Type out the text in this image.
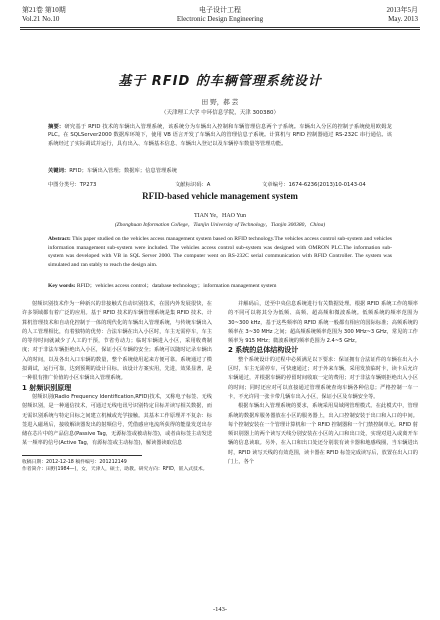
第21卷 第10期
Vol.21 No.10
电子设计工程
Electronic Design Engineering
2013年5月
May. 2013
基于 RFID 的车辆管理系统设计
田 野，郝 芸
（天津理工大学 中环信息学院，天津 300380）
摘要：研究基于 RFID 技术的车辆出入管理系统，该系统分为车辆出入控制和车辆管理信息两个子系统。车辆出入分区的控制子系统使用欧姆龙 PLC。在 SQLServer2000 数据库环境下，使用 VB 语言开发了车辆出入的管理信息子系统。计算机与 RFID 控制器通过 RS-232C 串行通信。该系统经过了实际调试并运行，具有出入、车辆基本信息、车辆出入登记以及车辆停车数量等管理功能。
关键词：RFID；车辆出入管理；数据库；信息管理系统
中图分类号：TP273	文献标识码：A	文章编号：1674-6236(2013)10-0143-04
RFID-based vehicle management system
TIAN Ye，HAO Yun
(Zhonghuan Information College，Tianjin University of Technology，Tianjin 300380，China)
Abstract: This paper studied on the vehicles access management system based on RFID technology.The vehicles access control sub-system and vehicles information management sub-system were included. The vehicles access control sub-system was designed with OMRON PLC.The information sub-system was developed with VB in SQL Server 2000. The computer went on RS-232C serial communication with RFID Controller. The system was simulated and ran stably to reach the design aim.
Key words: RFID；vehicles access control；database technology；information management system

射频识别技术作为一种新兴的非接触式自动识别技术，在国内外发展很快，在许多领域都有着广泛的应用。基于 RFID 技术的车辆管理系统是集 RFID 技术、计算机管理技术和自动化控制于一体的现代化的车辆出入管理系统，与传统车辆出入的人工管理相比，有着独特的优势：合法车辆在出入小区时，车主无需停车，车主的等待时间就减少了人工的干预，节省劳动力；临时车辆进入小区，采用收费制度；对于非法车辆拒绝出入小区，保证小区车辆的安全；系统可以随时记录车辆出入的时间，以及各出入口车辆的数量，整个系统使用起来方便可靠。系统通过了模拟调试，运行可靠，达到预期的设计目标。该设计方案实用，先进，效果显著，是一种很有推广价值的小区车辆出入管理系统。

1 射频识别原理

射频识别(Radio Frequency Identification,RFID)技术，又称电子标签、无线射频识别，是一种通信技术，可通过无线电讯号识别特定目标并读写相关数据，而无需识别系统与特定目标之间建立机械或光学接触。其基本工作原理并不复杂：标签进入磁场后，接收解读器发出的射频信号，凭借感应电流所获得的能量发送出存储在芯片中的产品信息(Passive Tag，无源标签或被动标签)，或者由标签主动发送某一频率的信号(Active Tag，有源标签或主动标签)，解读器读取信息

收稿日期：2012-12-18 稿件编号：201212149

作者简介：田野(1984—)，女，天津人，硕士，助教。研究方向：RFID，嵌入式技术。

并解码后，送至中央信息系统进行有关数据处理。根据 RFID 系统工作的频率的不同可以将其分为低频、高频、超高频和微波系统。低频系统的频率范围为 30~300 kHz，基于这些频率的 RFID 系统一般都有相应的国际标准；高频系统的频率在 3~30 MHz 之间；超高频系统频率范围为 300 MHz~3 GHz，常见的工作频率为 915 MHz；微波系统的频率范围为 2.4~5 GHz。

2 系统的总体结构设计

整个系统设计的过程中必须满足以下要求：保证拥有合法证件的车辆在出入小区时，车主无需停车，可快速通过；对于外来车辆，采用发放临时卡，读卡后允许车辆通过，并根据车辆的停留时间收取一定的费用；对于非法车辆则拒绝出入小区的时间；同时还应对可以直接通过管理系统查询车辆各种信息；严格控制一车一卡，不允许同一张卡带几辆车出入小区，保证小区及车辆安全等。

根据车辆出入管理系统的要求，系统采用局域网管理模式。在此模式中，管理系统的数据库服务器放在小区的服务器上，出入口控制安装于出口和入口的中间。每个控制安装在一个管理计算机和一个 RFID 控制器和一个门禁控制单元。RFID 射频识别器上的两个读写天线分别安装在小区的入口和出口处，实现对进入或离开车辆的信息读取。另外，在入口和出口处还分别装有读卡器和地感线圈，当车辆进出时，RFID 读写天线的有效范围，读卡器在 RFID 标签完成读写后，放置在出入口的门上，各个

-143-
